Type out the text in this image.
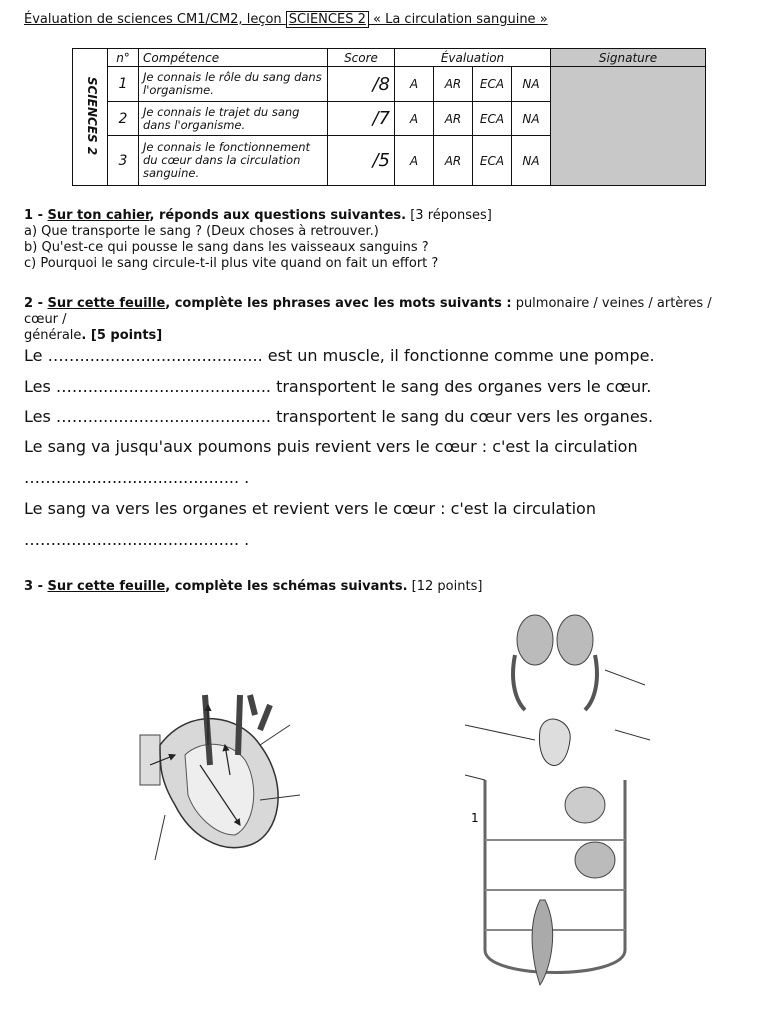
Évaluation de sciences CM1/CM2, leçon SCIENCES 2 « La circulation sanguine »
SCIENCES 2	n°	Compétence	Score	Évaluation				Signature
	1	Je connais le rôle du sang dans l'organisme.	/8	A	AR	ECA	NA	
	2	Je connais le trajet du sang dans l'organisme.	/7	A	AR	ECA	NA	
	3	Je connais le fonctionnement du cœur dans la circulation sanguine.	/5	A	AR	ECA	NA	
1 - Sur ton cahier, réponds aux questions suivantes. [3 réponses]
a) Que transporte le sang ? (Deux choses à retrouver.)
b) Qu'est-ce qui pousse le sang dans les vaisseaux sanguins ?
c) Pourquoi le sang circule-t-il plus vite quand on fait un effort ?
2 - Sur cette feuille, complète les phrases avec les mots suivants : pulmonaire / veines / artères / cœur /
générale. [5 points]
Le …….................................... est un muscle, il fonctionne comme une pompe.
Les …….................................... transportent le sang des organes vers le cœur.
Les …….................................... transportent le sang du cœur vers les organes.
Le sang va jusqu'aux poumons puis revient vers le cœur : c'est la circulation
…….................................... .
Le sang va vers les organes et revient vers le cœur : c'est la circulation
…….................................... .
3 - Sur cette feuille, complète les schémas suivants. [12 points]
1
